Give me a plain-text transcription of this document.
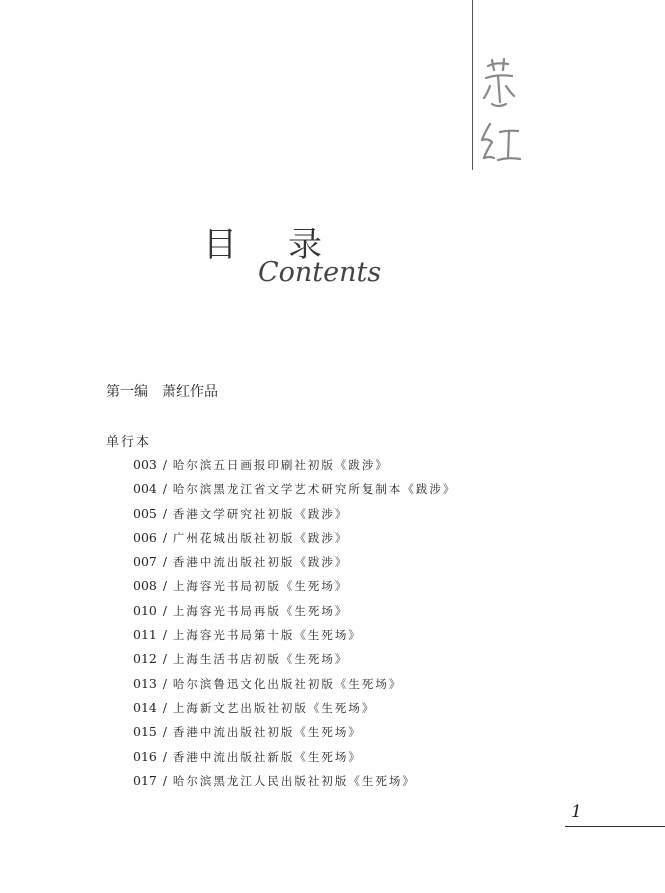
目 录
Contents
第一编　萧红作品
单行本
003 / 哈尔滨五日画报印刷社初版《跋涉》
004 / 哈尔滨黑龙江省文学艺术研究所复制本《跋涉》
005 / 香港文学研究社初版《跋涉》
006 / 广州花城出版社初版《跋涉》
007 / 香港中流出版社初版《跋涉》
008 / 上海容光书局初版《生死场》
010 / 上海容光书局再版《生死场》
011 / 上海容光书局第十版《生死场》
012 / 上海生活书店初版《生死场》
013 / 哈尔滨鲁迅文化出版社初版《生死场》
014 / 上海新文艺出版社初版《生死场》
015 / 香港中流出版社初版《生死场》
016 / 香港中流出版社新版《生死场》
017 / 哈尔滨黑龙江人民出版社初版《生死场》
1
